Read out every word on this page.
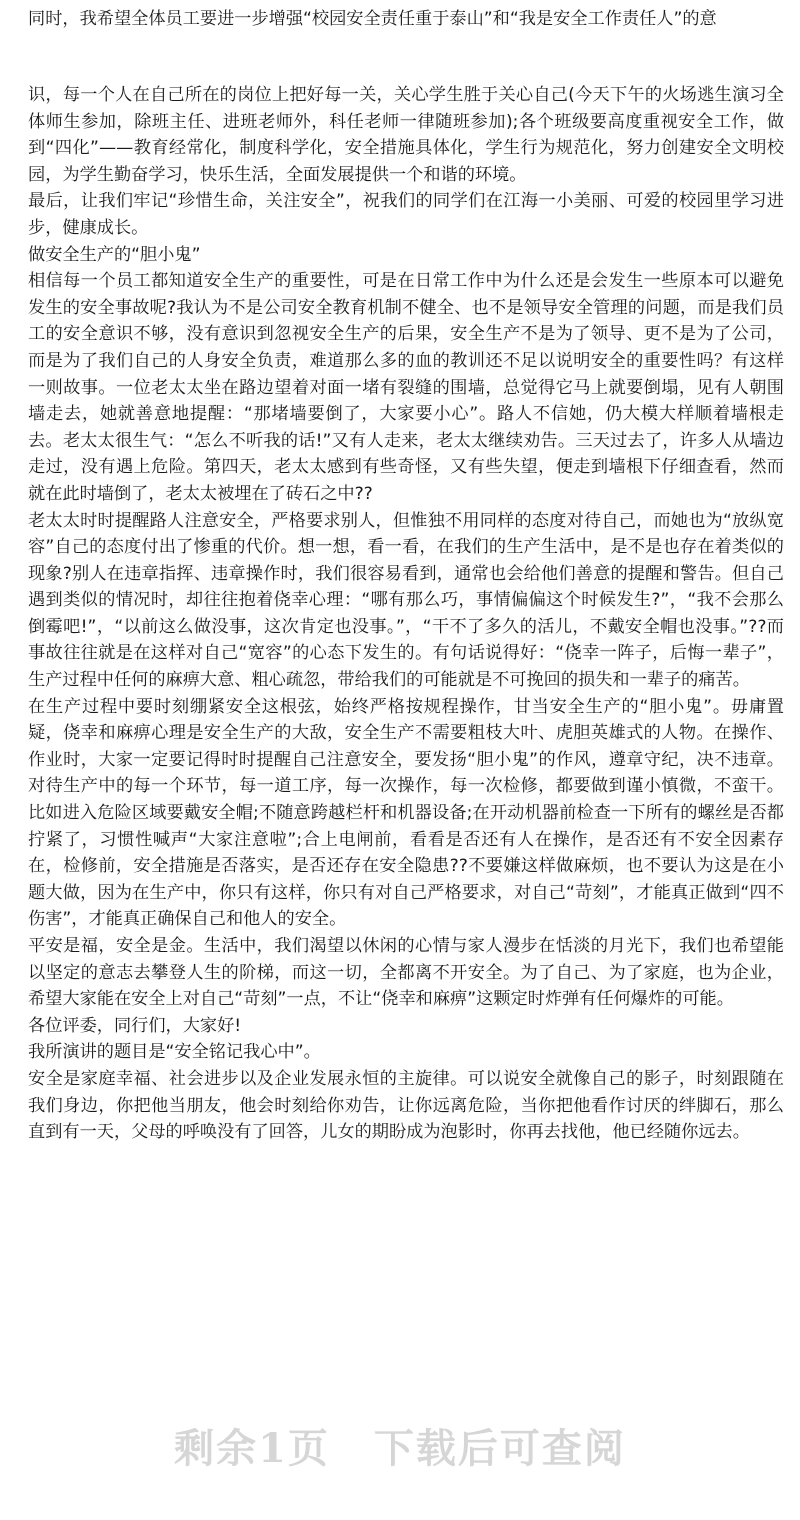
同时，我希望全体员工要进一步增强“校园安全责任重于泰山”和“我是安全工作责任人”的意

识，每一个人在自己所在的岗位上把好每一关，关心学生胜于关心自己(今天下午的火场逃生演习全体师生参加，除班主任、进班老师外，科任老师一律随班参加);各个班级要高度重视安全工作，做到“四化”——教育经常化，制度科学化，安全措施具体化，学生行为规范化，努力创建安全文明校园，为学生勤奋学习，快乐生活，全面发展提供一个和谐的环境。

最后，让我们牢记“珍惜生命，关注安全”，祝我们的同学们在江海一小美丽、可爱的校园里学习进步，健康成长。

做安全生产的“胆小鬼”

相信每一个员工都知道安全生产的重要性，可是在日常工作中为什么还是会发生一些原本可以避免发生的安全事故呢?我认为不是公司安全教育机制不健全、也不是领导安全管理的问题，而是我们员工的安全意识不够，没有意识到忽视安全生产的后果，安全生产不是为了领导、更不是为了公司，而是为了我们自己的人身安全负责，难道那么多的血的教训还不足以说明安全的重要性吗？有这样一则故事。一位老太太坐在路边望着对面一堵有裂缝的围墙，总觉得它马上就要倒塌，见有人朝围墙走去，她就善意地提醒：“那堵墙要倒了，大家要小心”。路人不信她，仍大模大样顺着墙根走去。老太太很生气：“怎么不听我的话!”又有人走来，老太太继续劝告。三天过去了，许多人从墙边走过，没有遇上危险。第四天，老太太感到有些奇怪，又有些失望，便走到墙根下仔细查看，然而就在此时墙倒了，老太太被埋在了砖石之中??

老太太时时提醒路人注意安全，严格要求别人，但惟独不用同样的态度对待自己，而她也为“放纵宽容”自己的态度付出了惨重的代价。想一想，看一看，在我们的生产生活中，是不是也存在着类似的现象?别人在违章指挥、违章操作时，我们很容易看到，通常也会给他们善意的提醒和警告。但自己遇到类似的情况时，却往往抱着侥幸心理：“哪有那么巧，事情偏偏这个时候发生?”，“我不会那么倒霉吧!”，“以前这么做没事，这次肯定也没事。”，“干不了多久的活儿，不戴安全帽也没事。”??而事故往往就是在这样对自己“宽容”的心态下发生的。有句话说得好：“侥幸一阵子，后悔一辈子”，生产过程中任何的麻痹大意、粗心疏忽，带给我们的可能就是不可挽回的损失和一辈子的痛苦。

在生产过程中要时刻绷紧安全这根弦，始终严格按规程操作，甘当安全生产的“胆小鬼”。毋庸置疑，侥幸和麻痹心理是安全生产的大敌，安全生产不需要粗枝大叶、虎胆英雄式的人物。在操作、作业时，大家一定要记得时时提醒自己注意安全，要发扬“胆小鬼”的作风，遵章守纪，决不违章。对待生产中的每一个环节，每一道工序，每一次操作，每一次检修，都要做到谨小慎微，不蛮干。比如进入危险区域要戴安全帽;不随意跨越栏杆和机器设备;在开动机器前检查一下所有的螺丝是否都拧紧了，习惯性喊声“大家注意啦”;合上电闸前，看看是否还有人在操作，是否还有不安全因素存在，检修前，安全措施是否落实，是否还存在安全隐患??不要嫌这样做麻烦，也不要认为这是在小题大做，因为在生产中，你只有这样，你只有对自己严格要求，对自己“苛刻”，才能真正做到“四不伤害”，才能真正确保自己和他人的安全。

平安是福，安全是金。生活中，我们渴望以休闲的心情与家人漫步在恬淡的月光下，我们也希望能以坚定的意志去攀登人生的阶梯，而这一切，全都离不开安全。为了自己、为了家庭，也为企业，希望大家能在安全上对自己“苛刻”一点，不让“侥幸和麻痹”这颗定时炸弹有任何爆炸的可能。

各位评委，同行们，大家好!

我所演讲的题目是“安全铭记我心中”。

安全是家庭幸福、社会进步以及企业发展永恒的主旋律。可以说安全就像自己的影子，时刻跟随在我们身边，你把他当朋友，他会时刻给你劝告，让你远离危险，当你把他看作讨厌的绊脚石，那么直到有一天，父母的呼唤没有了回答，儿女的期盼成为泡影时，你再去找他，他已经随你远去。

剩余1页 下载后可查阅
